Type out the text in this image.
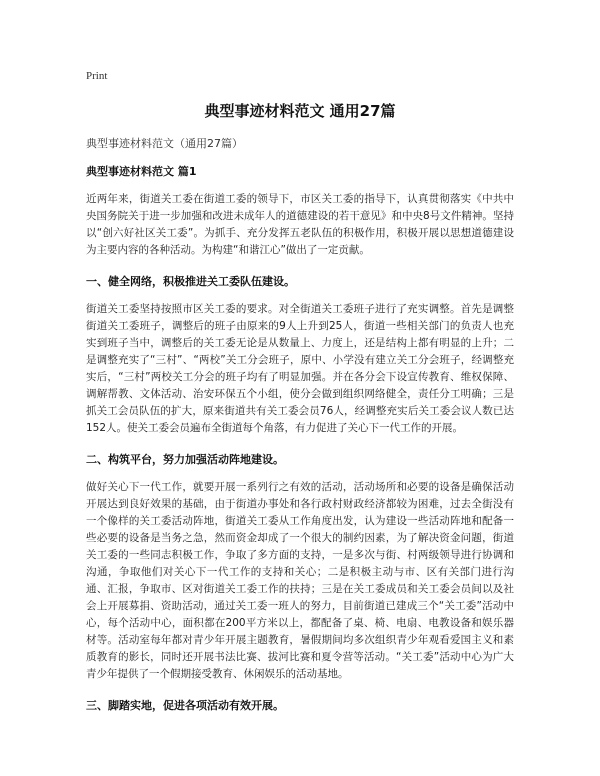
Print
典型事迹材料范文 通用27篇
典型事迹材料范文（通用27篇）
典型事迹材料范文 篇1

近两年来，街道关工委在街道工委的领导下，市区关工委的指导下，认真贯彻落实《中共中央国务院关于进一步加强和改进未成年人的道德建设的若干意见》和中央8号文件精神。坚持以“创六好社区关工委”。为抓手、充分发挥五老队伍的积极作用，积极开展以思想道德建设为主要内容的各种活动。为构建“和谐江心”做出了一定贡献。

一、健全网络，积极推进关工委队伍建设。

街道关工委坚持按照市区关工委的要求。对全街道关工委班子进行了充实调整。首先是调整街道关工委班子，调整后的班子由原来的9人上升到25人，街道一些相关部门的负责人也充实到班子当中，调整后的关工委无论是从数量上、力度上，还是结构上都有明显的上升；二是调整充实了“三村”、“两校”关工分会班子，原中、小学没有建立关工分会班子，经调整充实后，“三村”两校关工分会的班子均有了明显加强。并在各分会下设宣传教育、维权保障、调解帮教、文体活动、治安环保五个小组，使分会做到组织网络健全，责任分工明确；三是抓关工会员队伍的扩大，原来街道共有关工委会员76人，经调整充实后关工委会议人数已达152人。使关工委会员遍布全街道每个角落，有力促进了关心下一代工作的开展。

二、构筑平台，努力加强活动阵地建设。

做好关心下一代工作，就要开展一系列行之有效的活动，活动场所和必要的设备是确保活动开展达到良好效果的基础，由于街道办事处和各行政村财政经济都较为困难，过去全街没有一个像样的关工委活动阵地，街道关工委从工作角度出发，认为建设一些活动阵地和配备一些必要的设备是当务之急，然而资金却成了一个很大的制约因素，为了解决资金问题，街道关工委的一些同志积极工作，争取了多方面的支持，一是多次与街、村两级领导进行协调和沟通，争取他们对关心下一代工作的支持和关心；二是积极主动与市、区有关部门进行沟通、汇报，争取市、区对街道关工委工作的扶持；三是在关工委成员和关工委会员间以及社会上开展募捐、资助活动，通过关工委一班人的努力，目前街道已建成三个“关工委”活动中心，每个活动中心，面积都在200平方米以上，都配备了桌、椅、电扇、电教设备和娱乐器材等。活动室每年都对青少年开展主题教育，暑假期间均多次组织青少年观看爱国主义和素质教育的影长，同时还开展书法比赛、拔河比赛和夏令营等活动。“关工委”活动中心为广大青少年提供了一个假期接受教育、休闲娱乐的活动基地。

三、脚踏实地，促进各项活动有效开展。
